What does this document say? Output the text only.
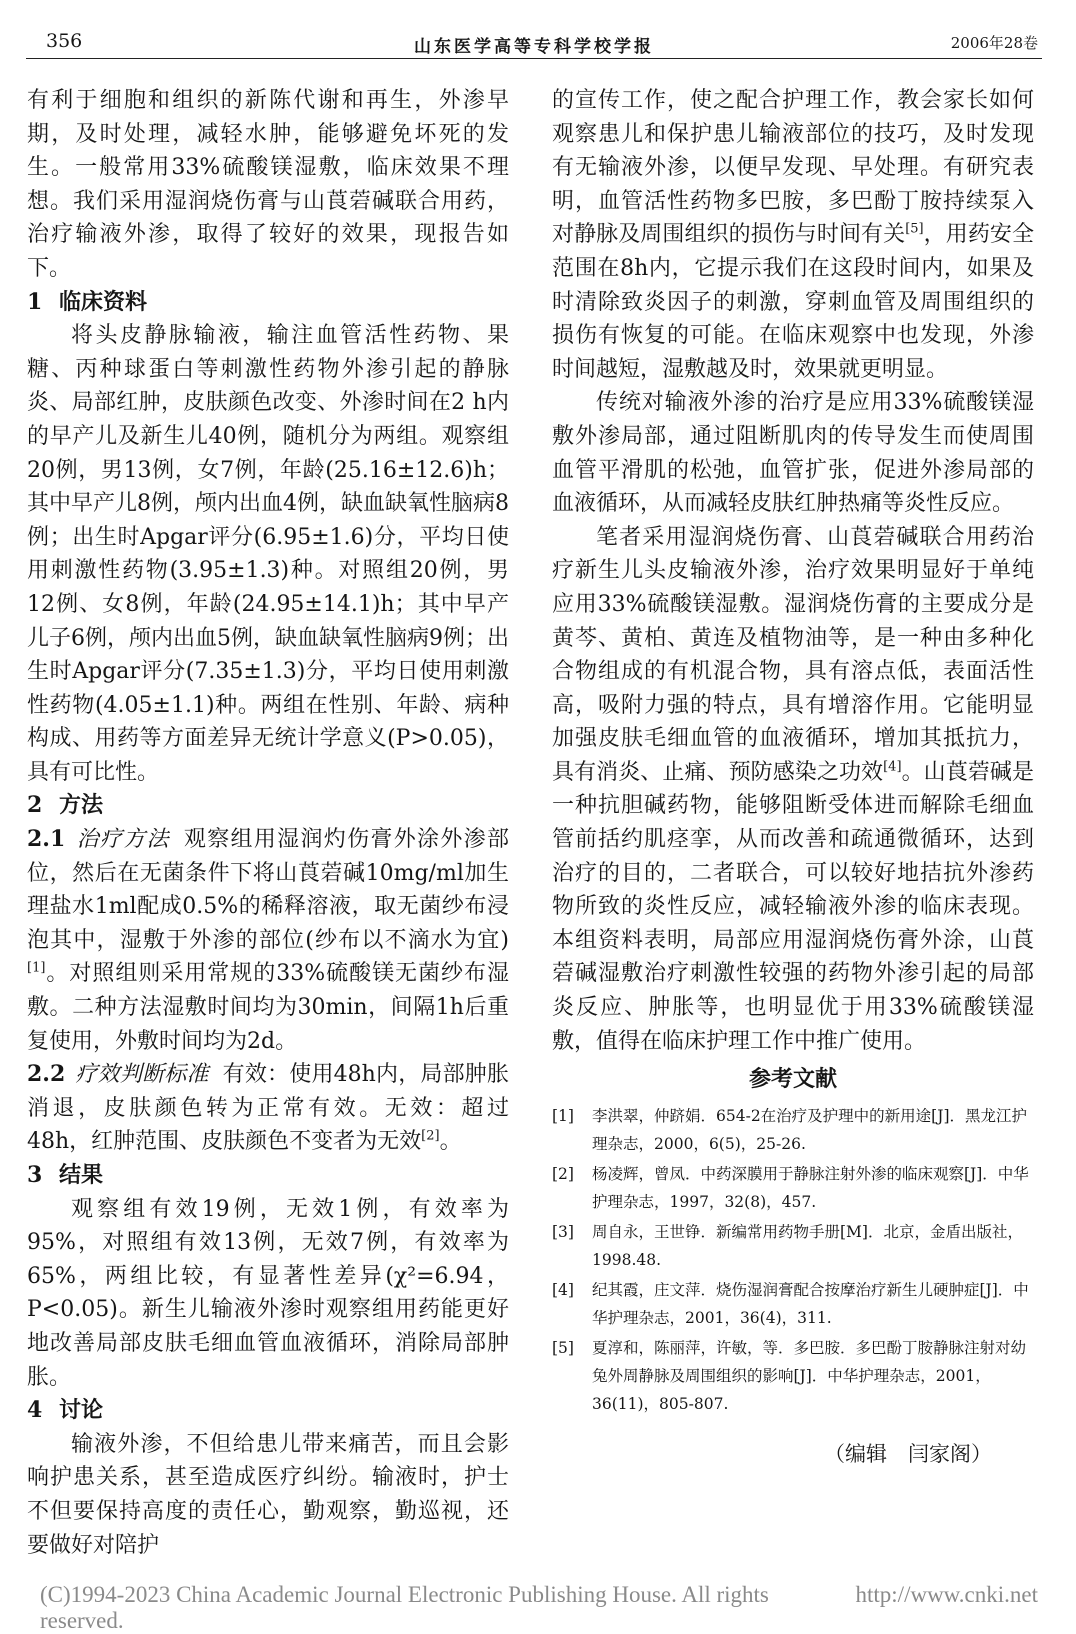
356	山东医学高等专科学校学报	2006年28卷

有利于细胞和组织的新陈代谢和再生，外渗早期，及时处理，减轻水肿，能够避免坏死的发生。一般常用33%硫酸镁湿敷，临床效果不理想。我们采用湿润烧伤膏与山莨菪碱联合用药，治疗输液外渗，取得了较好的效果，现报告如下。

1 临床资料

将头皮静脉输液，输注血管活性药物、果糖、丙种球蛋白等刺激性药物外渗引起的静脉炎、局部红肿，皮肤颜色改变、外渗时间在2 h内的早产儿及新生儿40例，随机分为两组。观察组20例，男13例，女7例，年龄(25.16±12.6)h；其中早产儿8例，颅内出血4例，缺血缺氧性脑病8例；出生时Apgar评分(6.95±1.6)分，平均日使用刺激性药物(3.95±1.3)种。对照组20例，男12例、女8例，年龄(24.95±14.1)h；其中早产儿子6例，颅内出血5例，缺血缺氧性脑病9例；出生时Apgar评分(7.35±1.3)分，平均日使用刺激性药物(4.05±1.1)种。两组在性别、年龄、病种构成、用药等方面差异无统计学意义(P>0.05)，具有可比性。

2 方法

2.1 治疗方法 观察组用湿润灼伤膏外涂外渗部位，然后在无菌条件下将山莨菪碱10mg/ml加生理盐水1ml配成0.5%的稀释溶液，取无菌纱布浸泡其中，湿敷于外渗的部位(纱布以不滴水为宜)[1]。对照组则采用常规的33%硫酸镁无菌纱布湿敷。二种方法湿敷时间均为30min，间隔1h后重复使用，外敷时间均为2d。

2.2 疗效判断标准 有效：使用48h内，局部肿胀消退，皮肤颜色转为正常有效。无效：超过48h，红肿范围、皮肤颜色不变者为无效[2]。

3 结果

观察组有效19例，无效1例，有效率为95%，对照组有效13例，无效7例，有效率为65%，两组比较，有显著性差异(χ²=6.94，P<0.05)。新生儿输液外渗时观察组用药能更好地改善局部皮肤毛细血管血液循环，消除局部肿胀。

4 讨论

输液外渗，不但给患儿带来痛苦，而且会影响护患关系，甚至造成医疗纠纷。输液时，护士不但要保持高度的责任心，勤观察，勤巡视，还要做好对陪护

的宣传工作，使之配合护理工作，教会家长如何观察患儿和保护患儿输液部位的技巧，及时发现有无输液外渗，以便早发现、早处理。有研究表明，血管活性药物多巴胺，多巴酚丁胺持续泵入对静脉及周围组织的损伤与时间有关[5]，用药安全范围在8h内，它提示我们在这段时间内，如果及时清除致炎因子的刺激，穿刺血管及周围组织的损伤有恢复的可能。在临床观察中也发现，外渗时间越短，湿敷越及时，效果就更明显。

传统对输液外渗的治疗是应用33%硫酸镁湿敷外渗局部，通过阻断肌肉的传导发生而使周围血管平滑肌的松弛，血管扩张，促进外渗局部的血液循环，从而减轻皮肤红肿热痛等炎性反应。

笔者采用湿润烧伤膏、山莨菪碱联合用药治疗新生儿头皮输液外渗，治疗效果明显好于单纯应用33%硫酸镁湿敷。湿润烧伤膏的主要成分是黄芩、黄柏、黄连及植物油等，是一种由多种化合物组成的有机混合物，具有溶点低，表面活性高，吸附力强的特点，具有增溶作用。它能明显加强皮肤毛细血管的血液循环，增加其抵抗力，具有消炎、止痛、预防感染之功效[4]。山莨菪碱是一种抗胆碱药物，能够阻断受体进而解除毛细血管前括约肌痉挛，从而改善和疏通微循环，达到治疗的目的，二者联合，可以较好地拮抗外渗药物所致的炎性反应，减轻输液外渗的临床表现。本组资料表明，局部应用湿润烧伤膏外涂，山莨菪碱湿敷治疗刺激性较强的药物外渗引起的局部炎反应、肿胀等，也明显优于用33%硫酸镁湿敷，值得在临床护理工作中推广使用。

参考文献
[1]	李洪翠，仲跻娟．654-2在治疗及护理中的新用途[J]．黑龙江护理杂志，2000，6(5)，25-26.
[2]	杨凌辉，曾凤．中药深膜用于静脉注射外渗的临床观察[J]．中华护理杂志，1997，32(8)，457.
[3]	周自永，王世铮．新编常用药物手册[M]．北京，金盾出版社，1998.48.
[4]	纪其霞，庄文萍．烧伤湿润膏配合按摩治疗新生儿硬肿症[J]．中华护理杂志，2001，36(4)，311.
[5]	夏淳和，陈丽萍，许敏，等．多巴胺．多巴酚丁胺静脉注射对幼兔外周静脉及周围组织的影响[J]．中华护理杂志，2001，36(11)，805-807.
（编辑　闫家阁）
(C)1994-2023 China Academic Journal Electronic Publishing House. All rights reserved.
http://www.cnki.net
